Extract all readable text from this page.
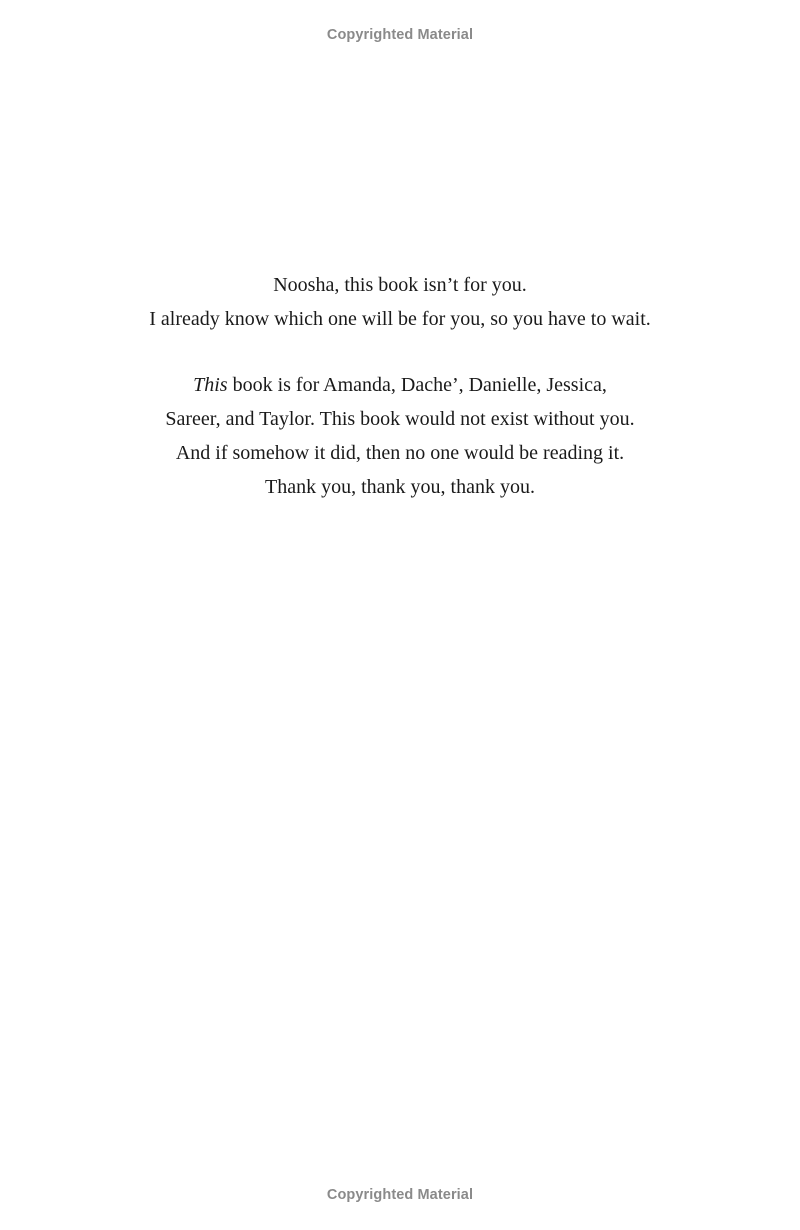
Copyrighted Material
Noosha, this book isn’t for you.
I already know which one will be for you, so you have to wait.
This book is for Amanda, Dache’, Danielle, Jessica,
Sareer, and Taylor. This book would not exist without you.
And if somehow it did, then no one would be reading it.
Thank you, thank you, thank you.
Copyrighted Material
